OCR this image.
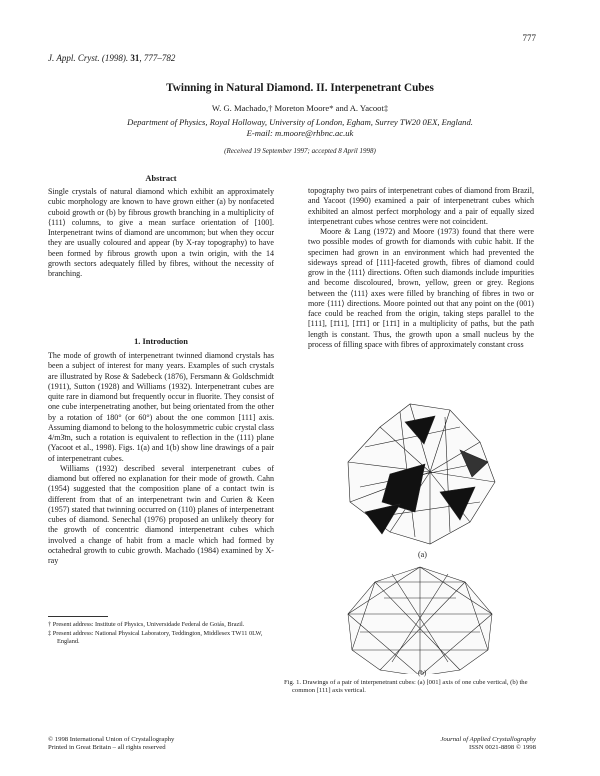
777
J. Appl. Cryst. (1998). 31, 777–782
Twinning in Natural Diamond. II. Interpenetrant Cubes
W. G. Machado,† Moreton Moore* and A. Yacoot‡
Department of Physics, Royal Holloway, University of London, Egham, Surrey TW20 0EX, England.
E-mail: m.moore@rhbnc.ac.uk
(Received 19 September 1997; accepted 8 April 1998)
Abstract

Single crystals of natural diamond which exhibit an approximately cubic morphology are known to have grown either (a) by nonfaceted cuboid growth or (b) by fibrous growth branching in a multiplicity of ⟨111⟩ columns, to give a mean surface orientation of [100]. Interpenetrant twins of diamond are uncommon; but when they occur they are usually coloured and appear (by X-ray topography) to have been formed by fibrous growth upon a twin origin, with the 14 growth sectors adequately filled by fibres, without the necessity of branching.

1. Introduction

The mode of growth of interpenetrant twinned diamond crystals has been a subject of interest for many years. Examples of such crystals are illustrated by Rose & Sadebeck (1876), Fersmann & Goldschmidt (1911), Sutton (1928) and Williams (1932). Interpenetrant cubes are quite rare in diamond but frequently occur in fluorite. They consist of one cube interpenetrating another, but being orientated from the other by a rotation of 180° (or 60°) about the one common [111] axis. Assuming diamond to belong to the holosymmetric cubic crystal class 4/m3̄m, such a rotation is equivalent to reflection in the (111) plane (Yacoot et al., 1998). Figs. 1(a) and 1(b) show line drawings of a pair of interpenetrant cubes.

Williams (1932) described several interpenetrant cubes of diamond but offered no explanation for their mode of growth. Cahn (1954) suggested that the composition plane of a contact twin is different from that of an interpenetrant twin and Curien & Keen (1957) stated that twinning occurred on (110) planes of interpenetrant cubes of diamond. Senechal (1976) proposed an unlikely theory for the growth of concentric diamond interpenetrant cubes which involved a change of habit from a macle which had formed by octahedral growth to cubic growth. Machado (1984) examined by X-ray

topography two pairs of interpenetrant cubes of diamond from Brazil, and Yacoot (1990) examined a pair of interpenetrant cubes which exhibited an almost perfect morphology and a pair of equally sized interpenetrant cubes whose centres were not coincident.

Moore & Lang (1972) and Moore (1973) found that there were two possible modes of growth for diamonds with cubic habit. If the specimen had grown in an environment which had prevented the sideways spread of [111]-faceted growth, fibres of diamond could grow in the ⟨111⟩ directions. Often such diamonds include impurities and become discoloured, brown, yellow, green or grey. Regions between the ⟨111⟩ axes were filled by branching of fibres in two or more ⟨111⟩ directions. Moore pointed out that any point on the (001) face could be reached from the origin, taking steps parallel to the [111], [1̄11], [1̄1̄1] or [11̄1] in a multiplicity of paths, but the path length is constant. Thus, the growth upon a small nucleus by the process of filling space with fibres of approximately constant cross

(a)
(b)

Fig. 1. Drawings of a pair of interpenetrant cubes: (a) [001] axis of one cube vertical, (b) the common [111] axis vertical.

† Present address: Institute of Physics, Universidade Federal de Goiás, Brazil.

‡ Present address: National Physical Laboratory, Teddington, Middlesex TW11 0LW, England.

© 1998 International Union of Crystallography
Printed in Great Britain – all rights reserved
Journal of Applied Crystallography
ISSN 0021-8898 © 1998
